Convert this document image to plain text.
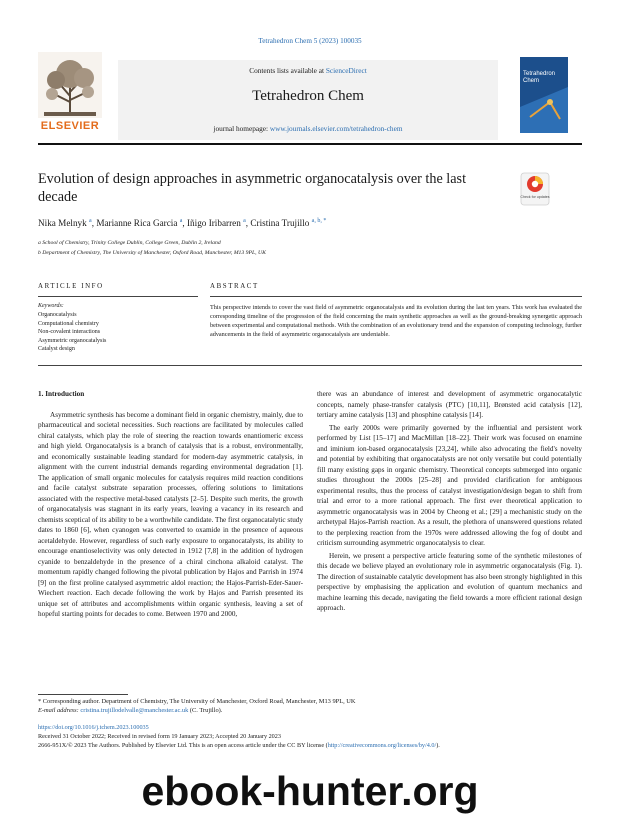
Tetrahedron Chem 5 (2023) 100035
ELSEVIER
Contents lists available at ScienceDirect
Tetrahedron Chem
journal homepage: www.journals.elsevier.com/tetrahedron-chem
Tetrahedron Chem
Evolution of design approaches in asymmetric organocatalysis over the last decade	Check for updates
Nika Melnyk $^a$, Marianne Rica Garcia $^a$, Iñigo Iribarren $^a$, Cristina Trujillo $^{a, b, *}$
a School of Chemistry, Trinity College Dublin, College Green, Dublin 2, Ireland
b Department of Chemistry, The University of Manchester, Oxford Road, Manchester, M13 9PL, UK
ARTICLE INFO	ABSTRACT
Keywords:
Organocatalysis
Computational chemistry
Non-covalent interactions
Asymmetric organocatalysis
Catalyst design
This perspective intends to cover the vast field of asymmetric organocatalysis and its evolution during the last ten years. This work has evaluated the corresponding timeline of the progression of the field concerning the main synthetic approaches as well as the ground-breaking synergetic approach between experimental and computational methods. With the combination of an evolutionary trend and the expansion of computing technology, further advancements in the field of asymmetric organocatalysis are undeniable.

1. Introduction

Asymmetric synthesis has become a dominant field in organic chemistry, mainly, due to pharmaceutical and societal necessities. Such reactions are facilitated by molecules called chiral catalysts, which play the role of steering the reaction towards enantiomeric excess and high yield. Organocatalysis is a branch of catalysis that is a robust, environmentally, and economically sustainable leading standard for modern-day asymmetric catalysis, in alignment with the current industrial demands regarding environmental degradation [1]. The application of small organic molecules for catalysis requires mild reaction conditions and facile catalyst substrate separation processes, offering solutions to limitations associated with the respective metal-based catalysts [2–5]. Despite such merits, the growth of organocatalysis was stagnant in its early years, leaving a vacancy in its research and chemists sceptical of its ability to be a worthwhile candidate. The first organocatalytic study dates to 1860 [6], when cyanogen was converted to oxamide in the presence of aqueous acetaldehyde. However, regardless of such early exposure to organocatalysts, its ability to encourage enantioselectivity was only detected in 1912 [7,8] in the addition of hydrogen cyanide to benzaldehyde in the presence of a chiral cinchona alkaloid catalyst. The momentum rapidly changed following the pivotal publication by Hajos and Parrish in 1974 [9] on the first proline catalysed asymmetric aldol reaction; the Hajos-Parrish-Eder-Sauer-Wiechert reaction. Each decade following the work by Hajos and Parrish presented its unique set of attributes and accomplishments within organic synthesis, leaving a set of hopeful starting points for decades to come. Between 1970 and 2000,

there was an abundance of interest and development of asymmetric organocatalytic concepts, namely phase-transfer catalysis (PTC) [10,11], Brønsted acid catalysis [12], tertiary amine catalysis [13] and phosphine catalysis [14].

The early 2000s were primarily governed by the influential and persistent work performed by List [15–17] and MacMillan [18–22]. Their work was focused on enamine and iminium ion-based organocatalysis [23,24], while also advocating the field's novelty and potential by exhibiting that organocatalysts are not only versatile but could potentially fill many existing gaps in organic chemistry. Theoretical concepts submerged into organic studies throughout the 2000s [25–28] and provided clarification for ambiguous experimental results, thus the process of catalyst investigation/design began to shift from trial and error to a more rational approach. The first ever theoretical application to asymmetric organocatalysis was in 2004 by Cheong et al.; [29] a mechanistic study on the archetypal Hajos-Parrish reaction. As a result, the plethora of unanswered questions related to the perplexing reaction from the 1970s were addressed allowing the fog of doubt and criticism surrounding asymmetric organocatalysis to clear.

Herein, we present a perspective article featuring some of the synthetic milestones of this decade we believe played an evolutionary role in asymmetric organocatalysis (Fig. 1). The direction of sustainable catalytic development has also been strongly highlighted in this perspective by emphasising the application and evolution of quantum mechanics and machine learning this decade, navigating the field towards a more efficient rational design approach.

* Corresponding author. Department of Chemistry, The University of Manchester, Oxford Road, Manchester, M13 9PL, UK
E-mail address: cristina.trujillodelvalle@manchester.ac.uk (C. Trujillo).
https://doi.org/10.1016/j.tchem.2023.100035
Received 31 October 2022; Received in revised form 19 January 2023; Accepted 20 January 2023
2666-951X/© 2023 The Authors. Published by Elsevier Ltd. This is an open access article under the CC BY license (http://creativecommons.org/licenses/by/4.0/).
ebook-hunter.org
